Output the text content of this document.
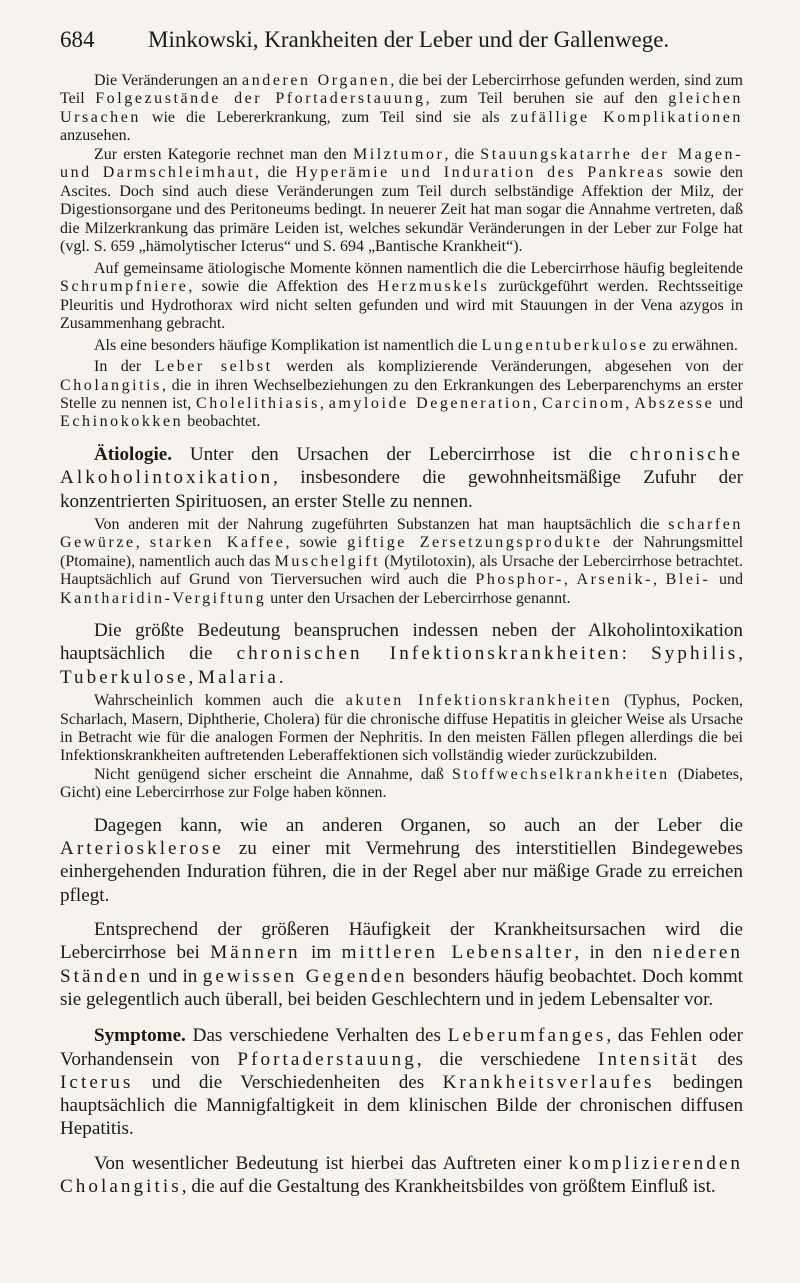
684 Minkowski, Krankheiten der Leber und der Gallenwege.

Die Veränderungen an anderen Organen, die bei der Lebercirrhose gefunden werden, sind zum Teil Folgezustände der Pfortaderstauung, zum Teil beruhen sie auf den gleichen Ursachen wie die Lebererkrankung, zum Teil sind sie als zufällige Komplikationen anzusehen.

Zur ersten Kategorie rechnet man den Milztumor, die Stauungskatarrhe der Magen- und Darmschleimhaut, die Hyperämie und Induration des Pankreas sowie den Ascites. Doch sind auch diese Veränderungen zum Teil durch selbständige Affektion der Milz, der Digestionsorgane und des Peritoneums bedingt. In neuerer Zeit hat man sogar die Annahme vertreten, daß die Milzerkrankung das primäre Leiden ist, welches sekundär Veränderungen in der Leber zur Folge hat (vgl. S. 659 „hämolytischer Icterus“ und S. 694 „Bantische Krankheit“).

Auf gemeinsame ätiologische Momente können namentlich die die Lebercirrhose häufig begleitende Schrumpfniere, sowie die Affektion des Herzmuskels zurückgeführt werden. Rechtsseitige Pleuritis und Hydrothorax wird nicht selten gefunden und wird mit Stauungen in der Vena azygos in Zusammenhang gebracht.

Als eine besonders häufige Komplikation ist namentlich die Lungentuberkulose zu erwähnen.

In der Leber selbst werden als komplizierende Veränderungen, abgesehen von der Cholangitis, die in ihren Wechselbeziehungen zu den Erkrankungen des Leberparenchyms an erster Stelle zu nennen ist, Cholelithiasis, amyloide Degeneration, Carcinom, Abszesse und Echinokokken beobachtet.

Ätiologie. Unter den Ursachen der Lebercirrhose ist die chronische Alkoholintoxikation, insbesondere die gewohnheitsmäßige Zufuhr der konzentrierten Spirituosen, an erster Stelle zu nennen.

Von anderen mit der Nahrung zugeführten Substanzen hat man hauptsächlich die scharfen Gewürze, starken Kaffee, sowie giftige Zersetzungsprodukte der Nahrungsmittel (Ptomaine), namentlich auch das Muschelgift (Mytilotoxin), als Ursache der Lebercirrhose betrachtet. Hauptsächlich auf Grund von Tierversuchen wird auch die Phosphor-, Arsenik-, Blei- und Kantharidin-Vergiftung unter den Ursachen der Lebercirrhose genannt.

Die größte Bedeutung beanspruchen indessen neben der Alkoholintoxikation hauptsächlich die chronischen Infektionskrankheiten: Syphilis, Tuberkulose, Malaria.

Wahrscheinlich kommen auch die akuten Infektionskrankheiten (Typhus, Pocken, Scharlach, Masern, Diphtherie, Cholera) für die chronische diffuse Hepatitis in gleicher Weise als Ursache in Betracht wie für die analogen Formen der Nephritis. In den meisten Fällen pflegen allerdings die bei Infektionskrankheiten auftretenden Leberaffektionen sich vollständig wieder zurückzubilden.

Nicht genügend sicher erscheint die Annahme, daß Stoffwechselkrankheiten (Diabetes, Gicht) eine Lebercirrhose zur Folge haben können.

Dagegen kann, wie an anderen Organen, so auch an der Leber die Arteriosklerose zu einer mit Vermehrung des interstitiellen Bindegewebes einhergehenden Induration führen, die in der Regel aber nur mäßige Grade zu erreichen pflegt.

Entsprechend der größeren Häufigkeit der Krankheitsursachen wird die Lebercirrhose bei Männern im mittleren Lebensalter, in den niederen Ständen und in gewissen Gegenden besonders häufig beobachtet. Doch kommt sie gelegentlich auch überall, bei beiden Geschlechtern und in jedem Lebensalter vor.

Symptome. Das verschiedene Verhalten des Leberumfanges, das Fehlen oder Vorhandensein von Pfortaderstauung, die verschiedene Intensität des Icterus und die Verschiedenheiten des Krankheitsverlaufes bedingen hauptsächlich die Mannigfaltigkeit in dem klinischen Bilde der chronischen diffusen Hepatitis.

Von wesentlicher Bedeutung ist hierbei das Auftreten einer komplizierenden Cholangitis, die auf die Gestaltung des Krankheitsbildes von größtem Einfluß ist.
